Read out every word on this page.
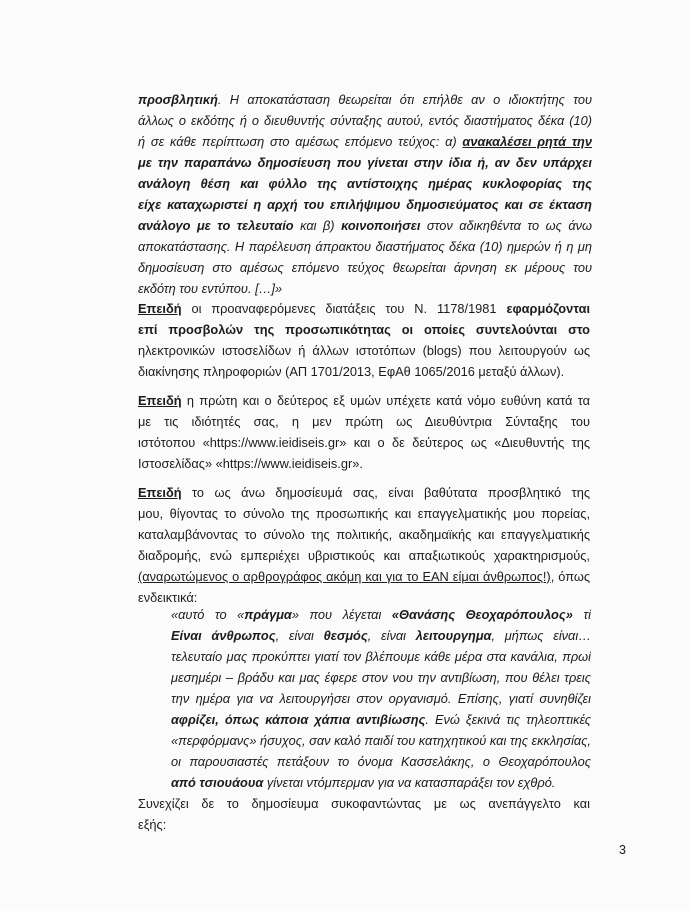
προσβλητική. Η αποκατάσταση θεωρείται ότι επήλθε αν ο ιδιοκτήτης του
άλλως ο εκδότης ή ο διευθυντής σύνταξης αυτού, εντός διαστήματος δέκα (10)
ή σε κάθε περίπτωση στο αμέσως επόμενο τεύχος: α) ανακαλέσει ρητά την
με την παραπάνω δημοσίευση που γίνεται στην ίδια ή, αν δεν υπάρχει
ανάλογη θέση και φύλλο της αντίστοιχης ημέρας κυκλοφορίας της
είχε καταχωριστεί η αρχή του επιλήψιμου δημοσιεύματος και σε έκταση
ανάλογο με το τελευταίο και β) κοινοποιήσει στον αδικηθέντα το ως άνω
αποκατάστασης. Η παρέλευση άπρακτου διαστήματος δέκα (10) ημερών ή η μη
δημοσίευση στο αμέσως επόμενο τεύχος θεωρείται άρνηση εκ μέρους του
εκδότη του εντύπου. […]»
Επειδή οι προαναφερόμενες διατάξεις του Ν. 1178/1981 εφαρμόζονται
επί προσβολών της προσωπικότητας οι οποίες συντελούνται στο
ηλεκτρονικών ιστοσελίδων ή άλλων ιστοτόπων (blogs) που λειτουργούν ως
διακίνησης πληροφοριών (ΑΠ 1701/2013, ΕφΑθ 1065/2016 μεταξύ άλλων).
Επειδή η πρώτη και ο δεύτερος εξ υμών υπέχετε κατά νόμο ευθύνη κατά τα
με τις ιδιότητές σας, η μεν πρώτη ως Διευθύντρια Σύνταξης του
ιστότοπου «https://www.ieidiseis.gr» και ο δε δεύτερος ως «Διευθυντής της
Ιστοσελίδας» «https://www.ieidiseis.gr».
Επειδή το ως άνω δημοσίευμά σας, είναι βαθύτατα προσβλητικό της
μου, θίγοντας το σύνολο της προσωπικής και επαγγελματικής μου πορείας,
καταλαμβάνοντας το σύνολο της πολιτικής, ακαδημαϊκής και επαγγελματικής
διαδρομής, ενώ εμπεριέχει υβριστικούς και απαξιωτικούς χαρακτηρισμούς,
(αναρωτώμενος ο αρθρογράφος ακόμη και για το ΕΑΝ είμαι άνθρωπος!), όπως
ενδεικτικά:
«αυτό το «πράγμα» που λέγεται «Θανάσης Θεοχαρόπουλος» τί
Είναι άνθρωπος, είναι θεσμός, είναι λειτουργημα, μήπως είναι…
τελευταίο μας προκύπτει γιατί τον βλέπουμε κάθε μέρα στα κανάλια, πρωί
μεσημέρι – βράδυ και μας έφερε στον νου την αντιβίωση, που θέλει τρεις
την ημέρα για να λειτουργήσει στον οργανισμό. Επίσης, γιατί συνηθίζει
αφρίζει, όπως κάποια χάπια αντιβίωσης. Ενώ ξεκινά τις τηλεοπτικές
«περφόρμανς» ήσυχος, σαν καλό παιδί του κατηχητικού και της εκκλησίας,
οι παρουσιαστές πετάξουν το όνομα Κασσελάκης, ο Θεοχαρόπουλος
από τσιουάουα γίνεται ντόμπερμαν για να κατασπαράξει τον εχθρό.
Συνεχίζει δε το δημοσίευμα συκοφαντώντας με ως ανεπάγγελτο και
εξής:
3
